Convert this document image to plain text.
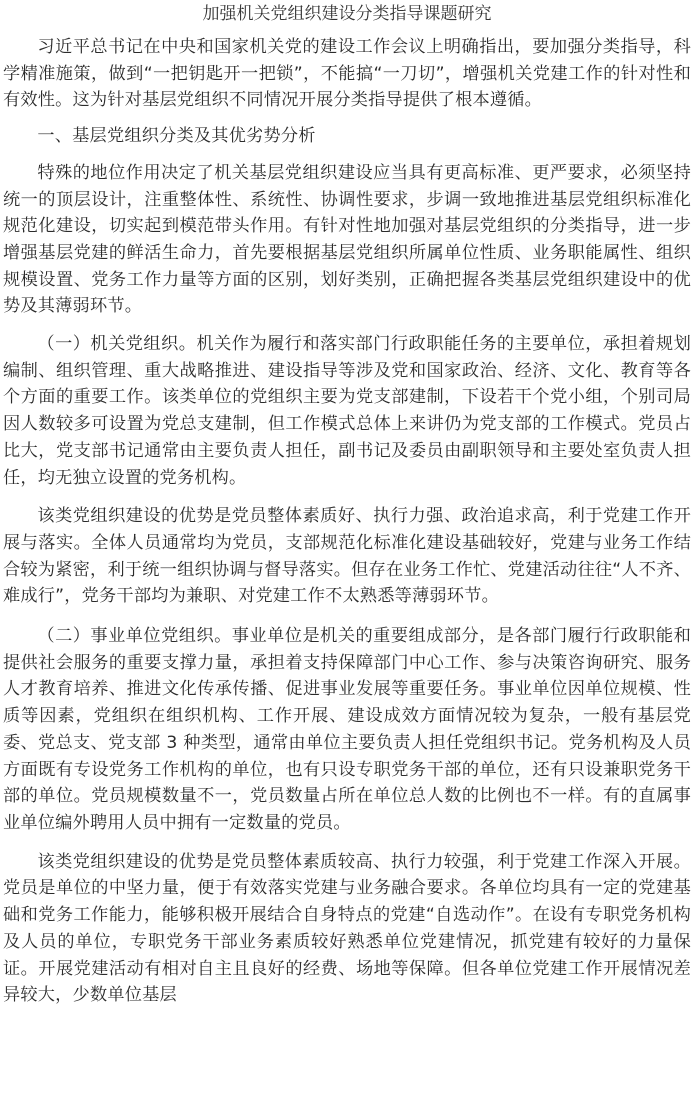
加强机关党组织建设分类指导课题研究

习近平总书记在中央和国家机关党的建设工作会议上明确指出，要加强分类指导，科学精准施策，做到“一把钥匙开一把锁”，不能搞“一刀切”，增强机关党建工作的针对性和有效性。这为针对基层党组织不同情况开展分类指导提供了根本遵循。

一、基层党组织分类及其优劣势分析

特殊的地位作用决定了机关基层党组织建设应当具有更高标准、更严要求，必须坚持统一的顶层设计，注重整体性、系统性、协调性要求，步调一致地推进基层党组织标准化规范化建设，切实起到模范带头作用。有针对性地加强对基层党组织的分类指导，进一步增强基层党建的鲜活生命力，首先要根据基层党组织所属单位性质、业务职能属性、组织规模设置、党务工作力量等方面的区别，划好类别，正确把握各类基层党组织建设中的优势及其薄弱环节。

（一）机关党组织。机关作为履行和落实部门行政职能任务的主要单位，承担着规划编制、组织管理、重大战略推进、建设指导等涉及党和国家政治、经济、文化、教育等各个方面的重要工作。该类单位的党组织主要为党支部建制，下设若干个党小组，个别司局因人数较多可设置为党总支建制，但工作模式总体上来讲仍为党支部的工作模式。党员占比大，党支部书记通常由主要负责人担任，副书记及委员由副职领导和主要处室负责人担任，均无独立设置的党务机构。

该类党组织建设的优势是党员整体素质好、执行力强、政治追求高，利于党建工作开展与落实。全体人员通常均为党员，支部规范化标准化建设基础较好，党建与业务工作结合较为紧密，利于统一组织协调与督导落实。但存在业务工作忙、党建活动往往“人不齐、难成行”，党务干部均为兼职、对党建工作不太熟悉等薄弱环节。

（二）事业单位党组织。事业单位是机关的重要组成部分，是各部门履行行政职能和提供社会服务的重要支撑力量，承担着支持保障部门中心工作、参与决策咨询研究、服务人才教育培养、推进文化传承传播、促进事业发展等重要任务。事业单位因单位规模、性质等因素，党组织在组织机构、工作开展、建设成效方面情况较为复杂，一般有基层党委、党总支、党支部 3 种类型，通常由单位主要负责人担任党组织书记。党务机构及人员方面既有专设党务工作机构的单位，也有只设专职党务干部的单位，还有只设兼职党务干部的单位。党员规模数量不一，党员数量占所在单位总人数的比例也不一样。有的直属事业单位编外聘用人员中拥有一定数量的党员。

该类党组织建设的优势是党员整体素质较高、执行力较强，利于党建工作深入开展。党员是单位的中坚力量，便于有效落实党建与业务融合要求。各单位均具有一定的党建基础和党务工作能力，能够积极开展结合自身特点的党建“自选动作”。在设有专职党务机构及人员的单位，专职党务干部业务素质较好熟悉单位党建情况，抓党建有较好的力量保证。开展党建活动有相对自主且良好的经费、场地等保障。但各单位党建工作开展情况差异较大，少数单位基层
